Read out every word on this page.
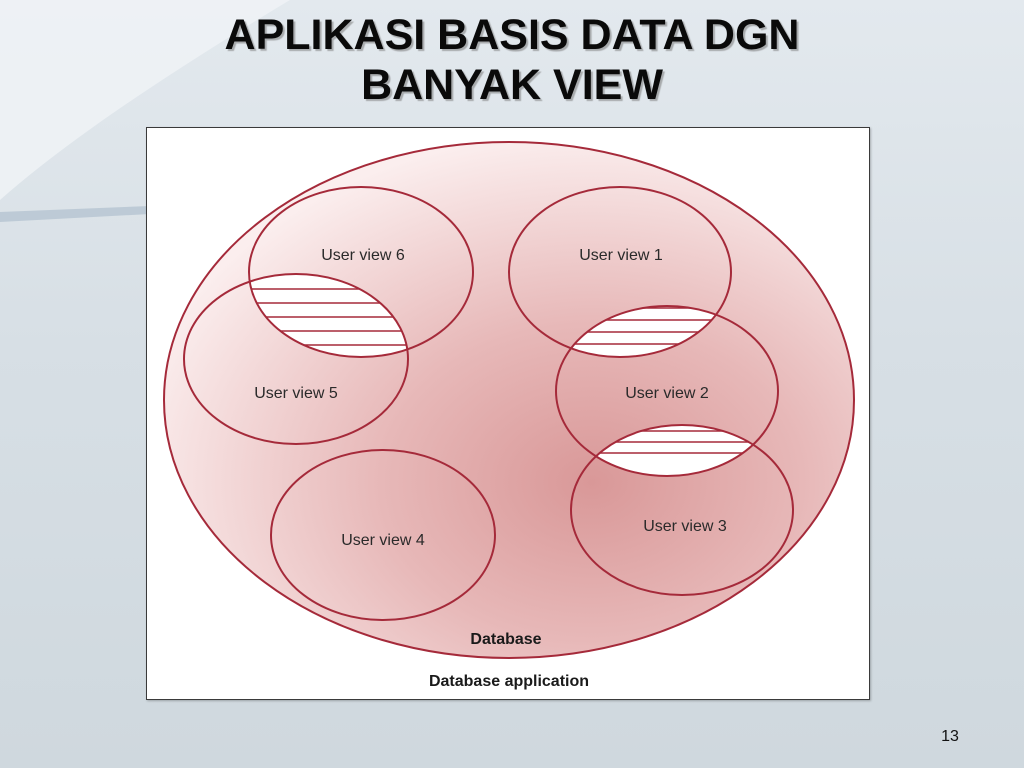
APLIKASI BASIS DATA DGN
BANYAK VIEW
User view 6	User view 1
User view 5	User view 2
User view 4
User view 3
Database
Database application
13
